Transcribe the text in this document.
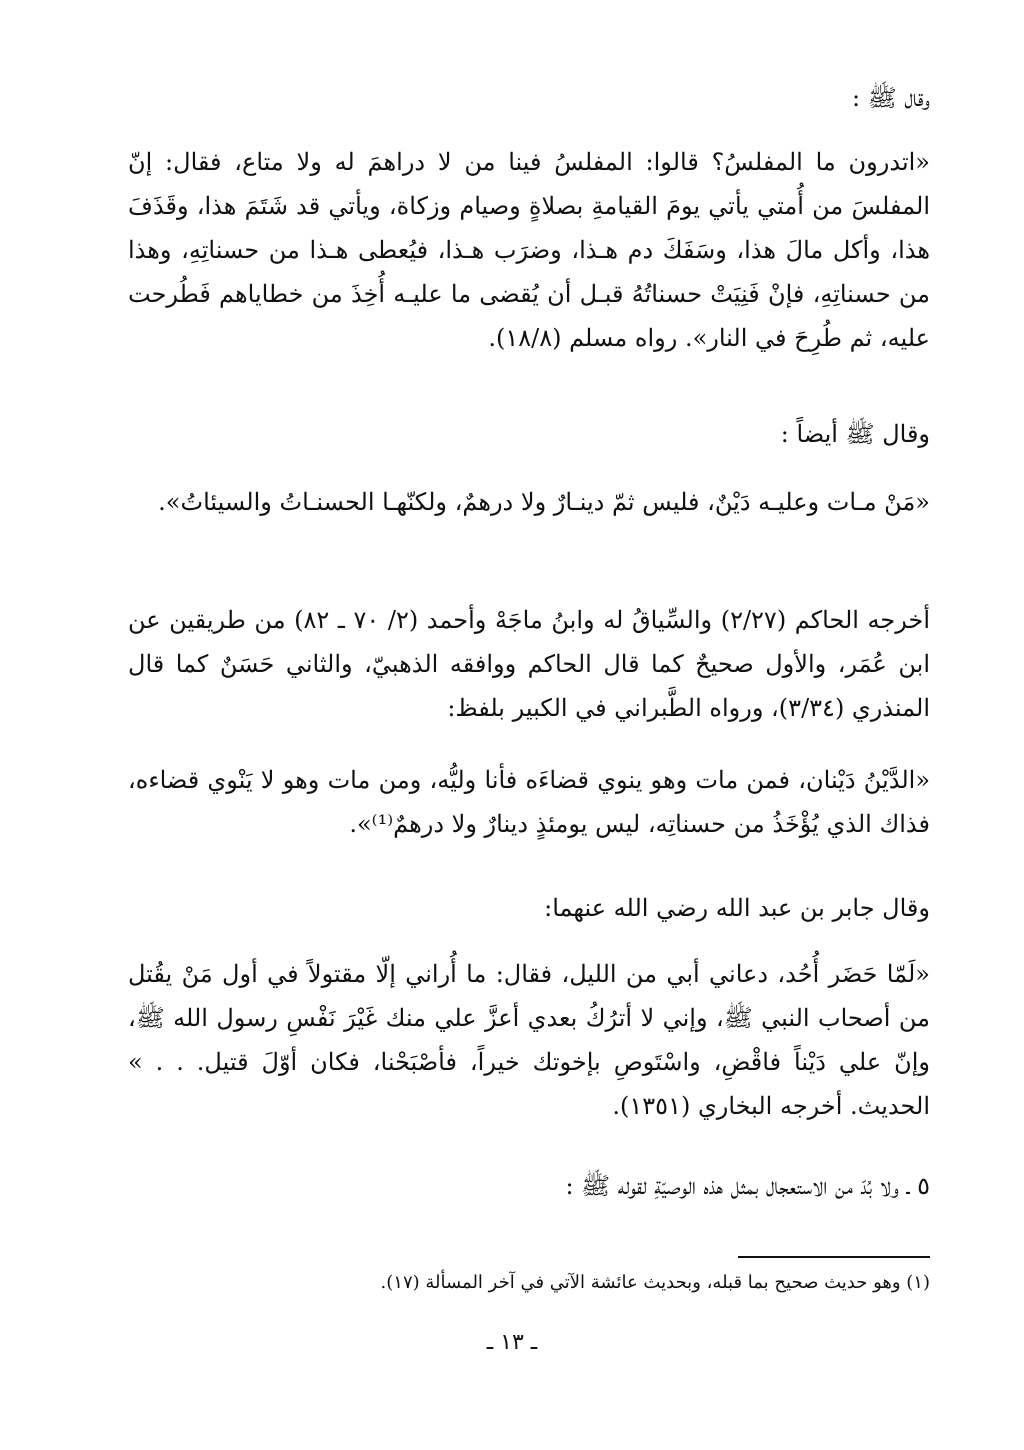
وقال ﷺ :

«اتدرون ما المفلسُ؟ قالوا: المفلسُ فينا من لا دراهمَ له ولا متاع، فقال: إنّ المفلسَ من أُمتي يأتي يومَ القيامةِ بصلاةٍ وصيام وزكاة، ويأتي قد شَتَمَ هذا، وقَذَفَ هذا، وأكل مالَ هذا، وسَفَكَ دم هـذا، وضرَب هـذا، فيُعطى هـذا من حسناتِهِ، وهذا من حسناتِهِ، فإنْ فَنِيَتْ حسناتُهُ قبـل أن يُقضى ما عليـه أُخِذَ من خطاياهم فَطُرحت عليه، ثم طُرِحَ في النار». رواه مسلم (١٨/٨).

وقال ﷺ أيضاً :

«مَنْ مـات وعليـه دَيْنٌ، فليس ثمّ دينـارٌ ولا درهمٌ، ولكنّهـا الحسنـاتُ والسيئاتُ».

أخرجه الحاكم (٢/٢٧) والسِّياقُ له وابنُ ماجَهْ وأحمد (٢/ ٧٠ ـ ٨٢) من طريقين عن ابن عُمَر، والأول صحيحٌ كما قال الحاكم ووافقه الذهبيّ، والثاني حَسَنٌ كما قال المنذري (٣/٣٤)، ورواه الطَّبراني في الكبير بلفظ:

«الدَّيْنُ دَيْنان، فمن مات وهو ينوي قضاءَه فأنا وليُّه، ومن مات وهو لا يَنْوي قضاءه، فذاك الذي يُؤْخَذُ من حسناتِه، ليس يومئذٍ دينارٌ ولا درهمٌ⁽¹⁾».

وقال جابر بن عبد الله رضي الله عنهما:

«لَمّا حَضَر أُحُد، دعاني أبي من الليل، فقال: ما أُراني إلّا مقتولاً في أول مَنْ يقُتل من أصحاب النبي ﷺ، وإني لا أترُكُ بعدي أعزَّ علي منك غَيْرَ نَفْسِ رسول الله ﷺ، وإنّ علي دَيْناً فاقْضِ، واسْتَوصِ بإخوتك خيراً، فأصْبَحْنا، فكان أوّلَ قتيل. . . » الحديث. أخرجه البخاري (١٣٥١).

٥ ـ ولا بُدّ من الاستعجال بمثل هذه الوصيّةِ لقوله ﷺ :

(١) وهو حديث صحيح بما قبله، وبحديث عائشة الآتي في آخر المسألة (١٧).

ـ ١٣ ـ
